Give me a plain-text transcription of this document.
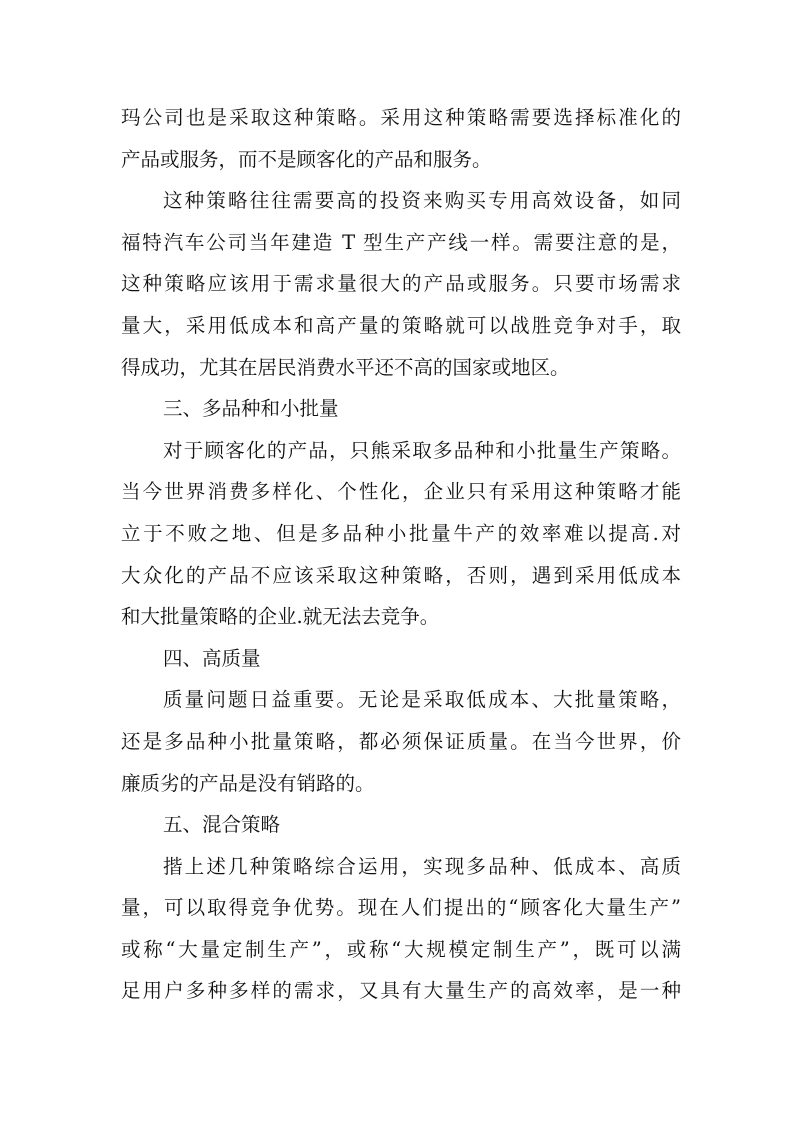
玛公司也是采取这种策略。采用这种策略需要选择标准化的
产品或服务，而不是顾客化的产品和服务。
这种策略往往需要高的投资来购买专用高效设备，如同
福特汽车公司当年建造 T 型生产产线一样。需要注意的是，
这种策略应该用于需求量很大的产品或服务。只要市场需求
量大，采用低成本和高产量的策略就可以战胜竞争对手，取
得成功，尤其在居民消费水平还不高的国家或地区。
三、多品种和小批量
对于顾客化的产品，只熊采取多品种和小批量生产策略。
当今世界消费多样化、个性化，企业只有采用这种策略才能
立于不败之地、但是多品种小批量牛产的效率难以提高.对
大众化的产品不应该采取这种策略，否则，遇到采用低成本
和大批量策略的企业.就无法去竞争。
四、高质量
质量问题日益重要。无论是采取低成本、大批量策略，
还是多品种小批量策略，都必须保证质量。在当今世界，价
廉质劣的产品是没有销路的。
五、混合策略
揩上述几种策略综合运用，实现多品种、低成本、高质
量，可以取得竞争优势。现在人们提出的“顾客化大量生产”
或称“大量定制生产”，或称“大规模定制生产”，既可以满
足用户多种多样的需求，又具有大量生产的高效率，是一种
